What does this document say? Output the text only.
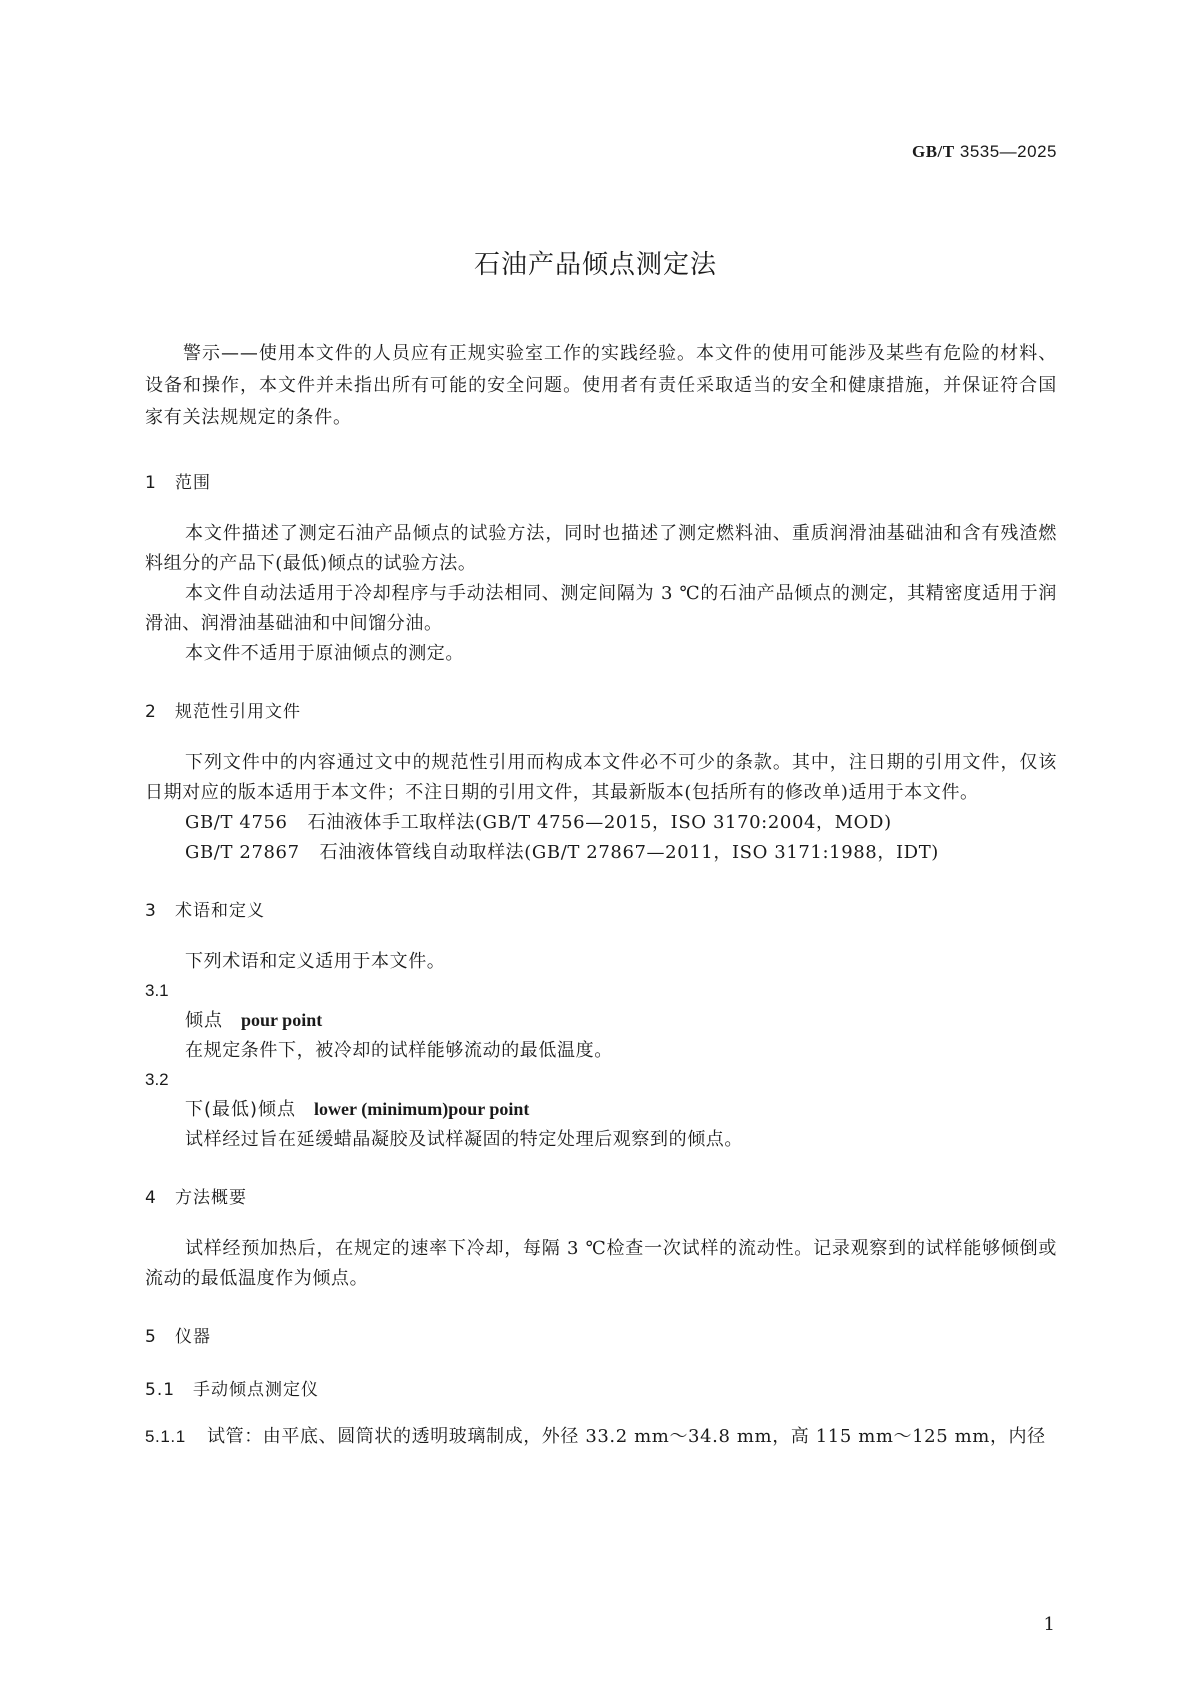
GB/T 3535—2025
石油产品倾点测定法

警示——使用本文件的人员应有正规实验室工作的实践经验。本文件的使用可能涉及某些有危险的材料、设备和操作，本文件并未指出所有可能的安全问题。使用者有责任采取适当的安全和健康措施，并保证符合国家有关法规规定的条件。

1 范围

本文件描述了测定石油产品倾点的试验方法，同时也描述了测定燃料油、重质润滑油基础油和含有残渣燃料组分的产品下(最低)倾点的试验方法。

本文件自动法适用于冷却程序与手动法相同、测定间隔为 3 ℃的石油产品倾点的测定，其精密度适用于润滑油、润滑油基础油和中间馏分油。

本文件不适用于原油倾点的测定。

2 规范性引用文件

下列文件中的内容通过文中的规范性引用而构成本文件必不可少的条款。其中，注日期的引用文件，仅该日期对应的版本适用于本文件；不注日期的引用文件，其最新版本(包括所有的修改单)适用于本文件。

GB/T 4756 石油液体手工取样法(GB/T 4756—2015，ISO 3170:2004，MOD)
GB/T 27867 石油液体管线自动取样法(GB/T 27867—2011，ISO 3171:1988，IDT)
3 术语和定义

下列术语和定义适用于本文件。

3.1
倾点 pour point
在规定条件下，被冷却的试样能够流动的最低温度。
3.2
下(最低)倾点 lower (minimum)pour point
试样经过旨在延缓蜡晶凝胶及试样凝固的特定处理后观察到的倾点。
4 方法概要

试样经预加热后，在规定的速率下冷却，每隔 3 ℃检查一次试样的流动性。记录观察到的试样能够倾倒或流动的最低温度作为倾点。

5 仪器
5.1 手动倾点测定仪
5.1.1 试管：由平底、圆筒状的透明玻璃制成，外径 33.2 mm～34.8 mm，高 115 mm～125 mm，内径
1
